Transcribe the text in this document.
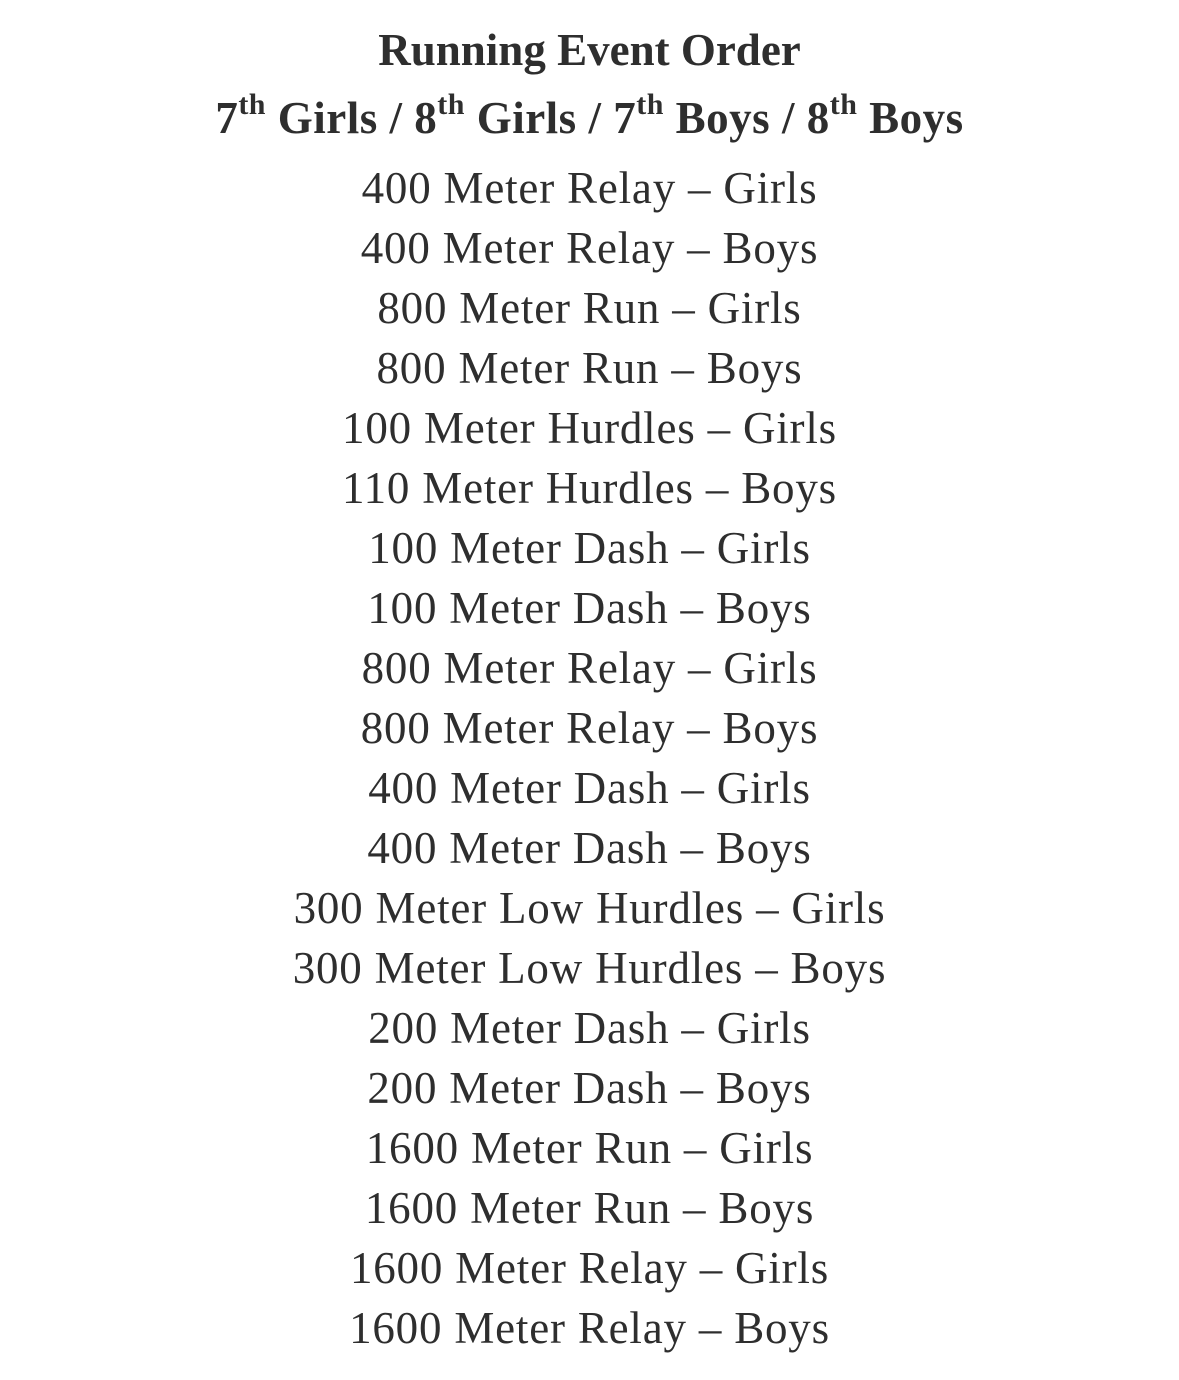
Running Event Order
7th Girls / 8th Girls / 7th Boys / 8th Boys
400 Meter Relay – Girls
400 Meter Relay – Boys
800 Meter Run – Girls
800 Meter Run – Boys
100 Meter Hurdles – Girls
110 Meter Hurdles – Boys
100 Meter Dash – Girls
100 Meter Dash – Boys
800 Meter Relay – Girls
800 Meter Relay – Boys
400 Meter Dash – Girls
400 Meter Dash – Boys
300 Meter Low Hurdles – Girls
300 Meter Low Hurdles – Boys
200 Meter Dash – Girls
200 Meter Dash – Boys
1600 Meter Run – Girls
1600 Meter Run – Boys
1600 Meter Relay – Girls
1600 Meter Relay – Boys
